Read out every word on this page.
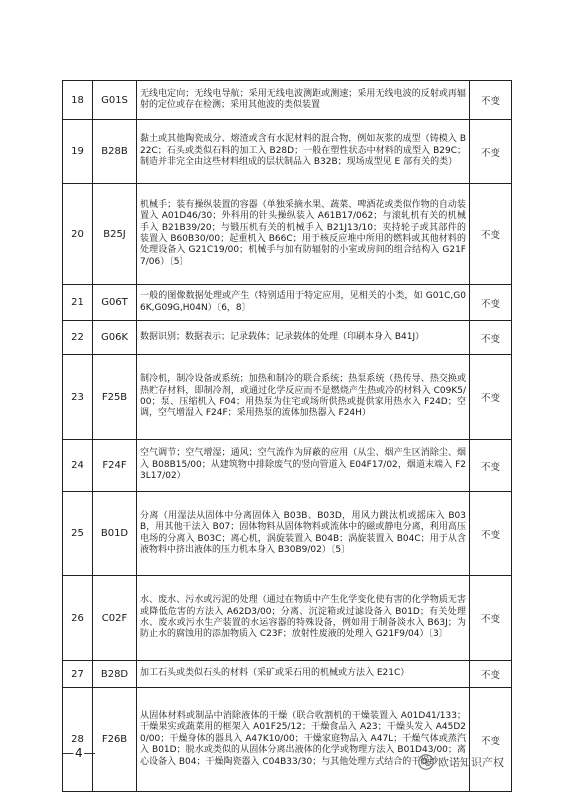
18	G01S	无线电定向；无线电导航；采用无线电波测距或测速；采用无线电波的反射或再辐射的定位或存在检测；采用其他波的类似装置	不变
19	B28B	黏土或其他陶瓷成分、熔渣或含有水泥材料的混合物，例如灰浆的成型（铸模入 B22C；石头或类似石料的加工入 B28D；一般在塑性状态中材料的成型入 B29C；制造并非完全由这些材料组成的层状制品入 B32B；现场成型见 E 部有关的类）	不变
20	B25J	机械手；装有操纵装置的容器（单独采摘水果、蔬菜、啤酒花或类似作物的自动装置入 A01D46/30；外科用的针头操纵装入 A61B17/062；与滚轧机有关的机械手入 B21B39/20；与锻压机有关的机械手入 B21J13/10；夹持轮子或其部件的装置入 B60B30/00；起重机入 B66C；用于核反应堆中所用的燃料或其他材料的处理设备入 G21C19/00；机械手与加有防辐射的小室或房间的组合结构入 G21F7/06）〔5〕	不变
21	G06T	一般的图像数据处理或产生（特别适用于特定应用，见相关的小类，如 G01C,G06K,G09G,H04N）〔6，8〕	不变
22	G06K	数据识别；数据表示；记录载体；记录载体的处理（印刷本身入 B41J）	不变
23	F25B	制冷机，制冷设备或系统；加热和制冷的联合系统；热泵系统（热传导、热交换或热贮存材料，即制冷剂，或通过化学反应而不是燃烧产生热或冷的材料入 C09K5/00；泵、压缩机入 F04；用热泵为住宅或场所供热或提供家用热水入 F24D；空调，空气增湿入 F24F；采用热泵的流体加热器入 F24H）	不变
24	F24F	空气调节；空气增湿；通风；空气流作为屏蔽的应用（从尘、烟产生区消除尘、烟入 B08B15/00；从建筑物中排除废气的竖向管道入 E04F17/02，烟道末端入 F23L17/02）	不变
25	B01D	分离（用湿法从固体中分离固体入 B03B、B03D，用风力跳汰机或摇床入 B03B，用其他干法入 B07；固体物料从固体物料或流体中的磁或静电分离，利用高压电场的分离入 B03C；离心机，涡旋装置入 B04B；涡旋装置入 B04C；用于从含液物料中挤出液体的压力机本身入 B30B9/02）〔5〕	不变
26	C02F	水、废水、污水或污泥的处理（通过在物质中产生化学变化使有害的化学物质无害或降低危害的方法入 A62D3/00；分离、沉淀箱或过滤设备入 B01D；有关处理水、废水或污水生产装置的水运容器的特殊设备，例如用于制备淡水入 B63J；为防止水的腐蚀用的添加物质入 C23F；放射性废液的处理入 G21F9/04）〔3〕	不变
27	B28D	加工石头或类似石头的材料（采矿或采石用的机械或方法入 E21C）	不变
28	F26B	从固体材料或制品中消除液体的干燥（联合收割机的干燥装置入 A01D41/133；干燥果实或蔬菜用的框架入 A01F25/12；干燥食品入 A23；干燥头发入 A45D20/00；干燥身体的器具入 A47K10/00；干燥家庭物品入 A47L；干燥气体或蒸汽入 B01D；脱水或类似的从固体分离出液体的化学或物理方法入 B01D43/00；离心设备入 B04；干燥陶瓷器入 C04B33/30；与其他处理方式结合的干燥纱	不变
—4—
欧诺知识产权
